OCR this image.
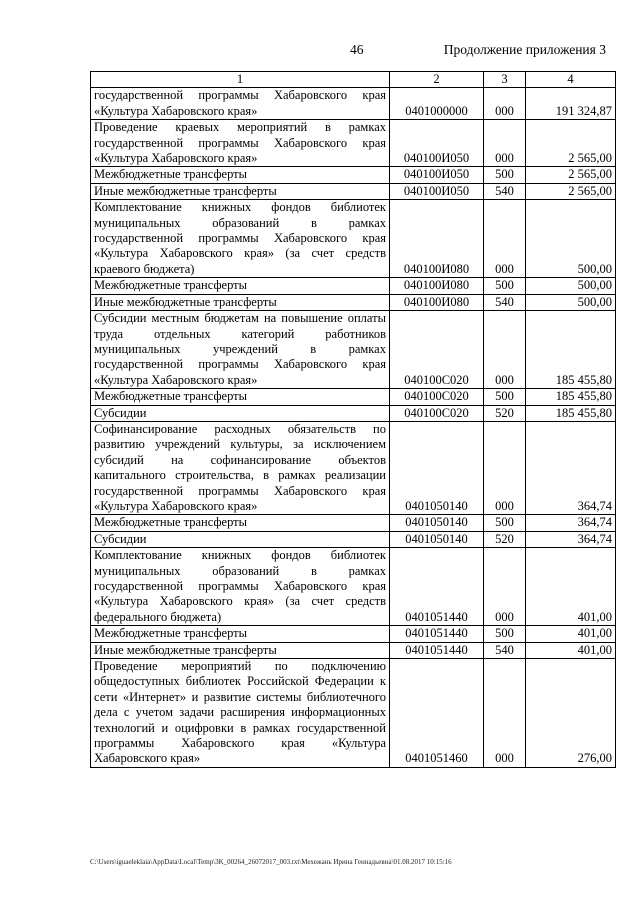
46	Продолжение приложения 3
1	2	3	4
государственной программы Хабаровского края «Культура Хабаровского края»	0401000000	000	191 324,87
Проведение краевых мероприятий в рамках государственной программы Хабаровского края «Культура Хабаровского края»	040100И050	000	2 565,00
Межбюджетные трансферты	040100И050	500	2 565,00
Иные межбюджетные трансферты	040100И050	540	2 565,00
Комплектование книжных фондов библиотек муниципальных образований в рамках государственной программы Хабаровского края «Культура Хабаровского края» (за счет средств краевого бюджета)	040100И080	000	500,00
Межбюджетные трансферты	040100И080	500	500,00
Иные межбюджетные трансферты	040100И080	540	500,00
Субсидии местным бюджетам на повышение оплаты труда отдельных категорий работников муниципальных учреждений в рамках государственной программы Хабаровского края «Культура Хабаровского края»	040100С020	000	185 455,80
Межбюджетные трансферты	040100С020	500	185 455,80
Субсидии	040100С020	520	185 455,80
Софинансирование расходных обязательств по развитию учреждений культуры, за исключением субсидий на софинансирование объектов капитального строительства, в рамках реализации государственной программы Хабаровского края «Культура Хабаровского края»	0401050140	000	364,74
Межбюджетные трансферты	0401050140	500	364,74
Субсидии	0401050140	520	364,74
Комплектование книжных фондов библиотек муниципальных образований в рамках государственной программы Хабаровского края «Культура Хабаровского края» (за счет средств федерального бюджета)	0401051440	000	401,00
Межбюджетные трансферты	0401051440	500	401,00
Иные межбюджетные трансферты	0401051440	540	401,00
Проведение мероприятий по подключению общедоступных библиотек Российской Федерации к сети «Интернет» и развитие системы библиотечного дела с учетом задачи расширения информационных технологий и оцифровки в рамках государственной программы Хабаровского края «Культура Хабаровского края»	0401051460	000	276,00
C:\Users\iguaeleklaia\AppData\Local\Temp\3K_00264_26072017_003.txt\Мехежань Ирина Геннадьевна\01.08.2017 10:15:16
